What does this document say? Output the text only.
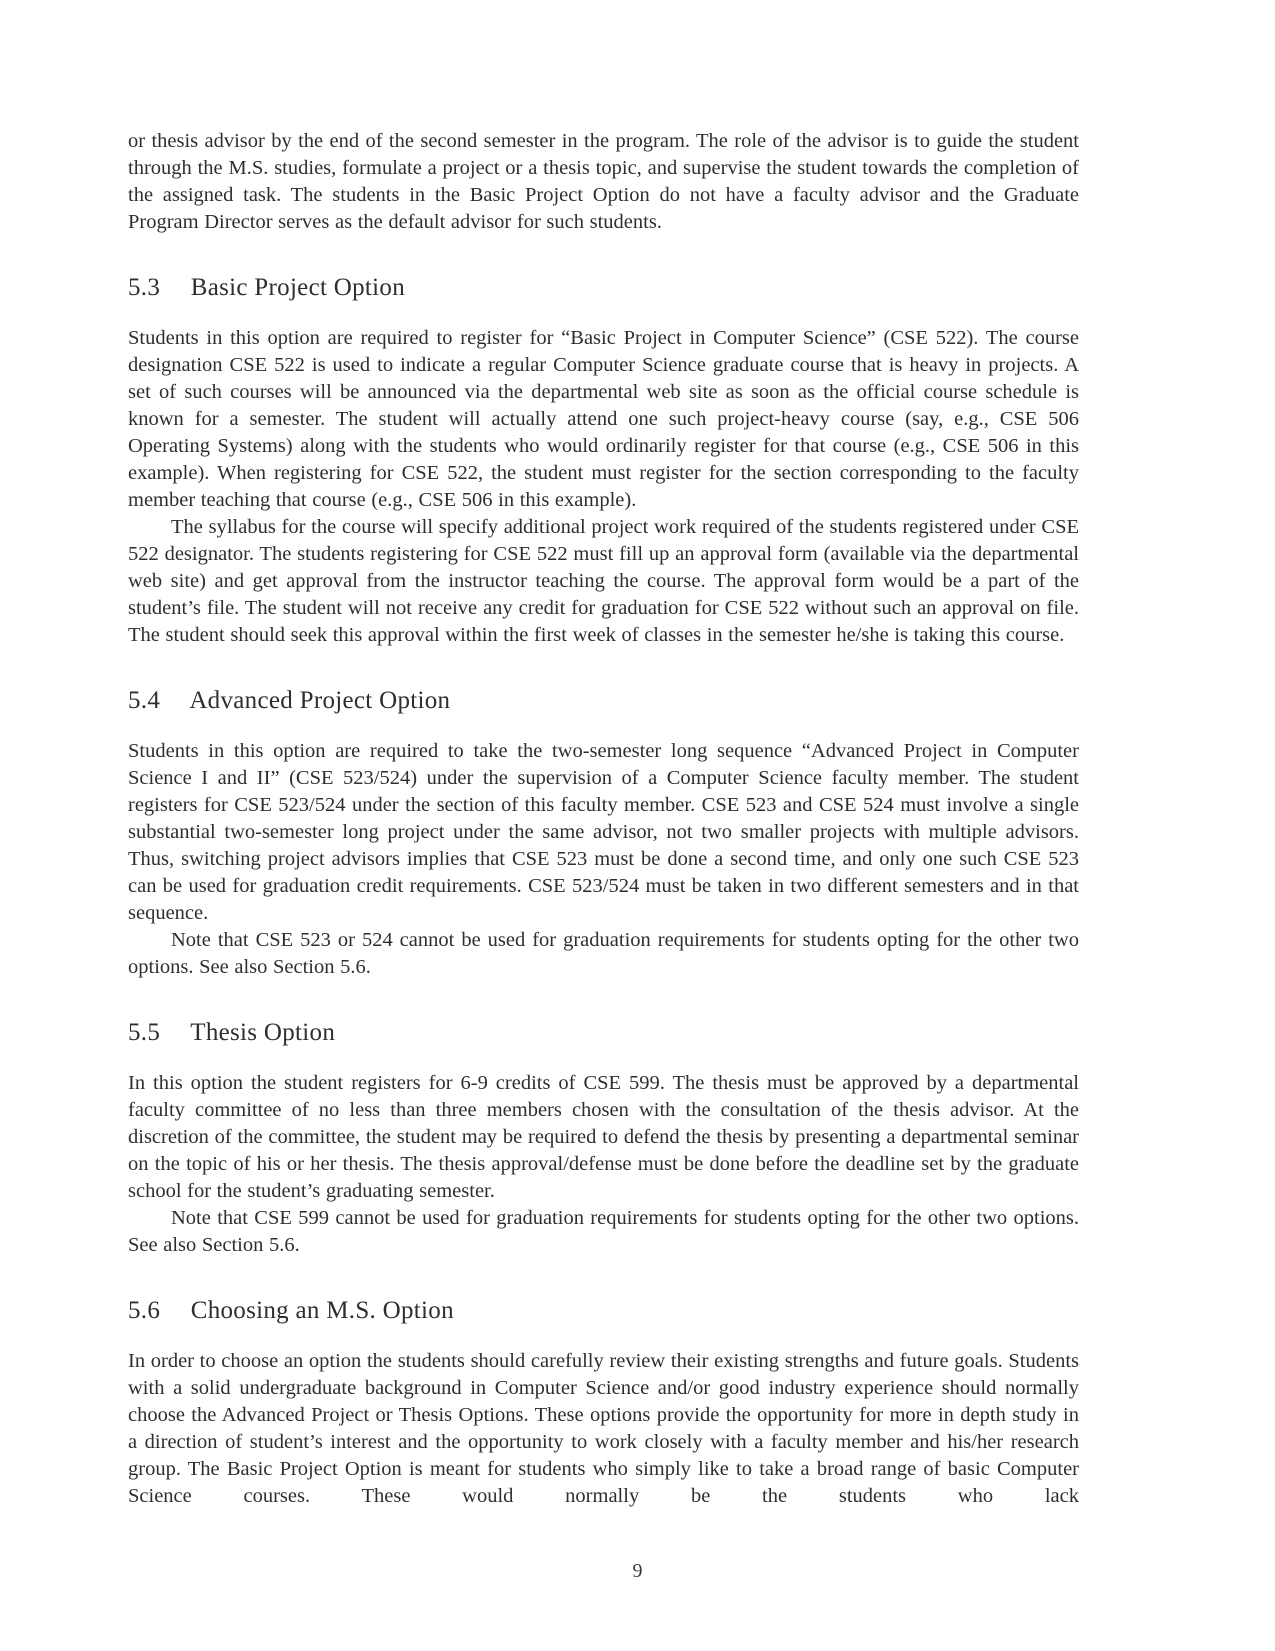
or thesis advisor by the end of the second semester in the program. The role of the advisor is to guide the student through the M.S. studies, formulate a project or a thesis topic, and supervise the student towards the completion of the assigned task. The students in the Basic Project Option do not have a faculty advisor and the Graduate Program Director serves as the default advisor for such students.

5.3 Basic Project Option

Students in this option are required to register for “Basic Project in Computer Science” (CSE 522). The course designation CSE 522 is used to indicate a regular Computer Science graduate course that is heavy in projects. A set of such courses will be announced via the departmental web site as soon as the official course schedule is known for a semester. The student will actually attend one such project-heavy course (say, e.g., CSE 506 Operating Systems) along with the students who would ordinarily register for that course (e.g., CSE 506 in this example). When registering for CSE 522, the student must register for the section corresponding to the faculty member teaching that course (e.g., CSE 506 in this example).

The syllabus for the course will specify additional project work required of the students registered under CSE 522 designator. The students registering for CSE 522 must fill up an approval form (available via the departmental web site) and get approval from the instructor teaching the course. The approval form would be a part of the student’s file. The student will not receive any credit for graduation for CSE 522 without such an approval on file. The student should seek this approval within the first week of classes in the semester he/she is taking this course.

5.4 Advanced Project Option

Students in this option are required to take the two-semester long sequence “Advanced Project in Computer Science I and II” (CSE 523/524) under the supervision of a Computer Science faculty member. The student registers for CSE 523/524 under the section of this faculty member. CSE 523 and CSE 524 must involve a single substantial two-semester long project under the same advisor, not two smaller projects with multiple advisors. Thus, switching project advisors implies that CSE 523 must be done a second time, and only one such CSE 523 can be used for graduation credit requirements. CSE 523/524 must be taken in two different semesters and in that sequence.

Note that CSE 523 or 524 cannot be used for graduation requirements for students opting for the other two options. See also Section 5.6.

5.5 Thesis Option

In this option the student registers for 6-9 credits of CSE 599. The thesis must be approved by a departmental faculty committee of no less than three members chosen with the consultation of the thesis advisor. At the discretion of the committee, the student may be required to defend the thesis by presenting a departmental seminar on the topic of his or her thesis. The thesis approval/defense must be done before the deadline set by the graduate school for the student’s graduating semester.

Note that CSE 599 cannot be used for graduation requirements for students opting for the other two options. See also Section 5.6.

5.6 Choosing an M.S. Option

In order to choose an option the students should carefully review their existing strengths and future goals. Students with a solid undergraduate background in Computer Science and/or good industry experience should normally choose the Advanced Project or Thesis Options. These options provide the opportunity for more in depth study in a direction of student’s interest and the opportunity to work closely with a faculty member and his/her research group. The Basic Project Option is meant for students who simply like to take a broad range of basic Computer Science courses. These would normally be the students who lack

9
